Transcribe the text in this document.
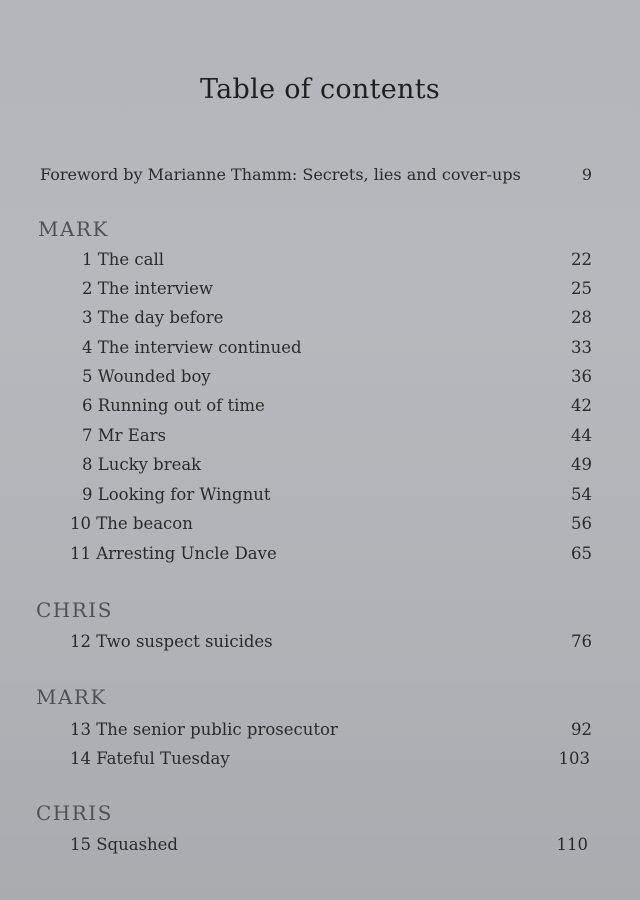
Table of contents
Foreword by Marianne Thamm: Secrets, lies and cover-ups	9
MARK
1 The call	22
2 The interview	25
3 The day before	28
4 The interview continued	33
5 Wounded boy	36
6 Running out of time	42
7 Mr Ears	44
8 Lucky break	49
9 Looking for Wingnut	54
10 The beacon	56
11 Arresting Uncle Dave	65
CHRIS
12 Two suspect suicides	76
MARK
13 The senior public prosecutor	92
14 Fateful Tuesday	103
CHRIS
15 Squashed	110
